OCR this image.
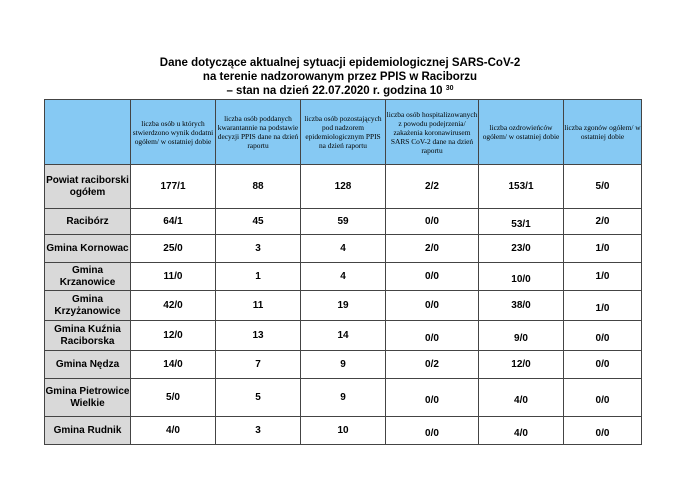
Dane dotyczące aktualnej sytuacji epidemiologicznej SARS-CoV-2
na terenie nadzorowanym przez PPIS w Raciborzu
– stan na dzień 22.07.2020 r. godzina 10 $^{30}$
	liczba osób u których stwierdzono wynik dodatni ogółem/ w ostatniej dobie	liczba osób poddanych kwarantannie na podstawie decyzji PPIS dane na dzień raportu	liczba osób pozostających pod nadzorem epidemiologicznym PPIS na dzień raportu	liczba osób hospitalizowanych z powodu podejrzenia/ zakażenia koronawirusem SARS CoV-2 dane na dzień raportu	liczba ozdrowieńców ogółem/ w ostatniej dobie	liczba zgonów ogółem/ w ostatniej dobie
Powiat raciborski ogółem	177/1	88	128	2/2	153/1	5/0
Racibórz	64/1	45	59	0/0	53/1	2/0
Gmina Kornowac	25/0	3	4	2/0	23/0	1/0
Gmina Krzanowice	11/0	1	4	0/0	10/0	1/0
Gmina Krzyżanowice	42/0	11	19	0/0	38/0	1/0
Gmina Kuźnia Raciborska	12/0	13	14	0/0	9/0	0/0
Gmina Nędza	14/0	7	9	0/2	12/0	0/0
Gmina Pietrowice Wielkie	5/0	5	9	0/0	4/0	0/0
Gmina Rudnik	4/0	3	10	0/0	4/0	0/0
